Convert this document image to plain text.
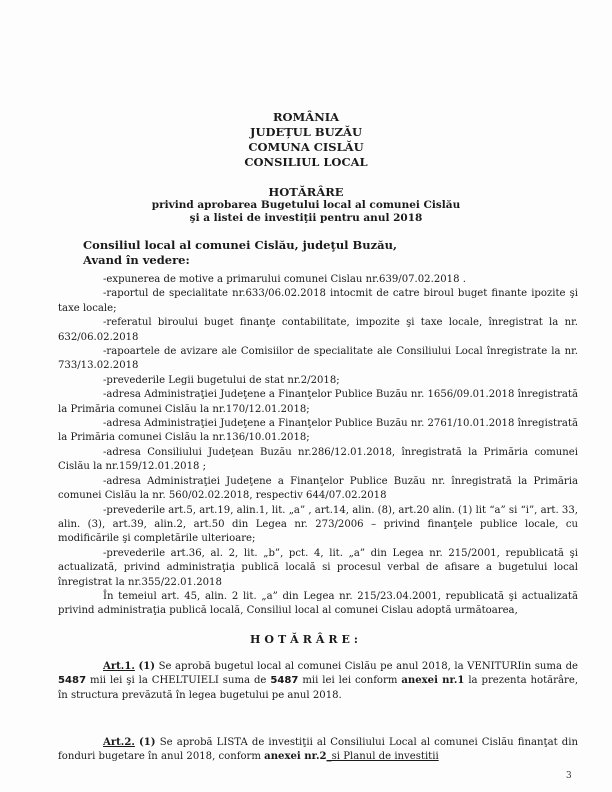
ROMÂNIA
JUDEȚUL BUZĂU
COMUNA CISLĂU
CONSILIUL LOCAL
HOTĂRÂRE
privind aprobarea Bugetului local al comunei Cislău
şi a listei de investiţii pentru anul 2018
Consiliul local al comunei Cislău, judeţul Buzău,
Avand în vedere:

-expunerea de motive a primarului comunei Cislau nr.639/07.02.2018 .

-raportul de specialitate nr.633/06.02.2018 intocmit de catre biroul buget finante ipozite şi taxe locale;

-referatul biroului buget finanţe contabilitate, impozite şi taxe locale, înregistrat la nr. 632/06.02.2018

-rapoartele de avizare ale Comisiilor de specialitate ale Consiliului Local înregistrate la nr. 733/13.02.2018

-prevederile Legii bugetului de stat nr.2/2018;

-adresa Administraţiei Judeţene a Finanţelor Publice Buzău nr. 1656/09.01.2018 înregistrată la Primăria comunei Cislău la nr.170/12.01.2018;

-adresa Administraţiei Judeţene a Finanţelor Publice Buzău nr. 2761/10.01.2018 înregistrată la Primăria comunei Cislău la nr.136/10.01.2018;

-adresa Consiliului Judeţean Buzău nr.286/12.01.2018, înregistrată la Primăria comunei Cislău la nr.159/12.01.2018 ;

-adresa Administraţiei Judeţene a Finanţelor Publice Buzău nr. înregistrată la Primăria comunei Cislău la nr. 560/02.02.2018, respectiv 644/07.02.2018

-prevederile art.5, art.19, alin.1, lit. „a” , art.14, alin. (8), art.20 alin. (1) lit “a” si “i”, art. 33, alin. (3), art.39, alin.2, art.50 din Legea nr. 273/2006 – privind finanţele publice locale, cu modificările şi completările ulterioare;

-prevederile art.36, al. 2, lit. „b”, pct. 4, lit. „a” din Legea nr. 215/2001, republicată şi actualizată, privind administraţia publică locală si procesul verbal de afisare a bugetului local înregistrat la nr.355/22.01.2018

În temeiul art. 45, alin. 2 lit. „a” din Legea nr. 215/23.04.2001, republicată şi actualizată privind administraţia publică locală, Consiliul local al comunei Cislau adoptă următoarea,

HOTĂRÂRE:

Art.1. (1) Se aprobă bugetul local al comunei Cislău pe anul 2018, la VENITURIin suma de 5487 mii lei şi la CHELTUIELI suma de 5487 mii lei lei conform anexei nr.1 la prezenta hotărâre, în structura prevăzută în legea bugetului pe anul 2018.

Art.2. (1) Se aprobă LISTA de investiţii al Consiliului Local al comunei Cislău finanţat din fonduri bugetare în anul 2018, conform anexei nr.2_si Planul de investitii

3
